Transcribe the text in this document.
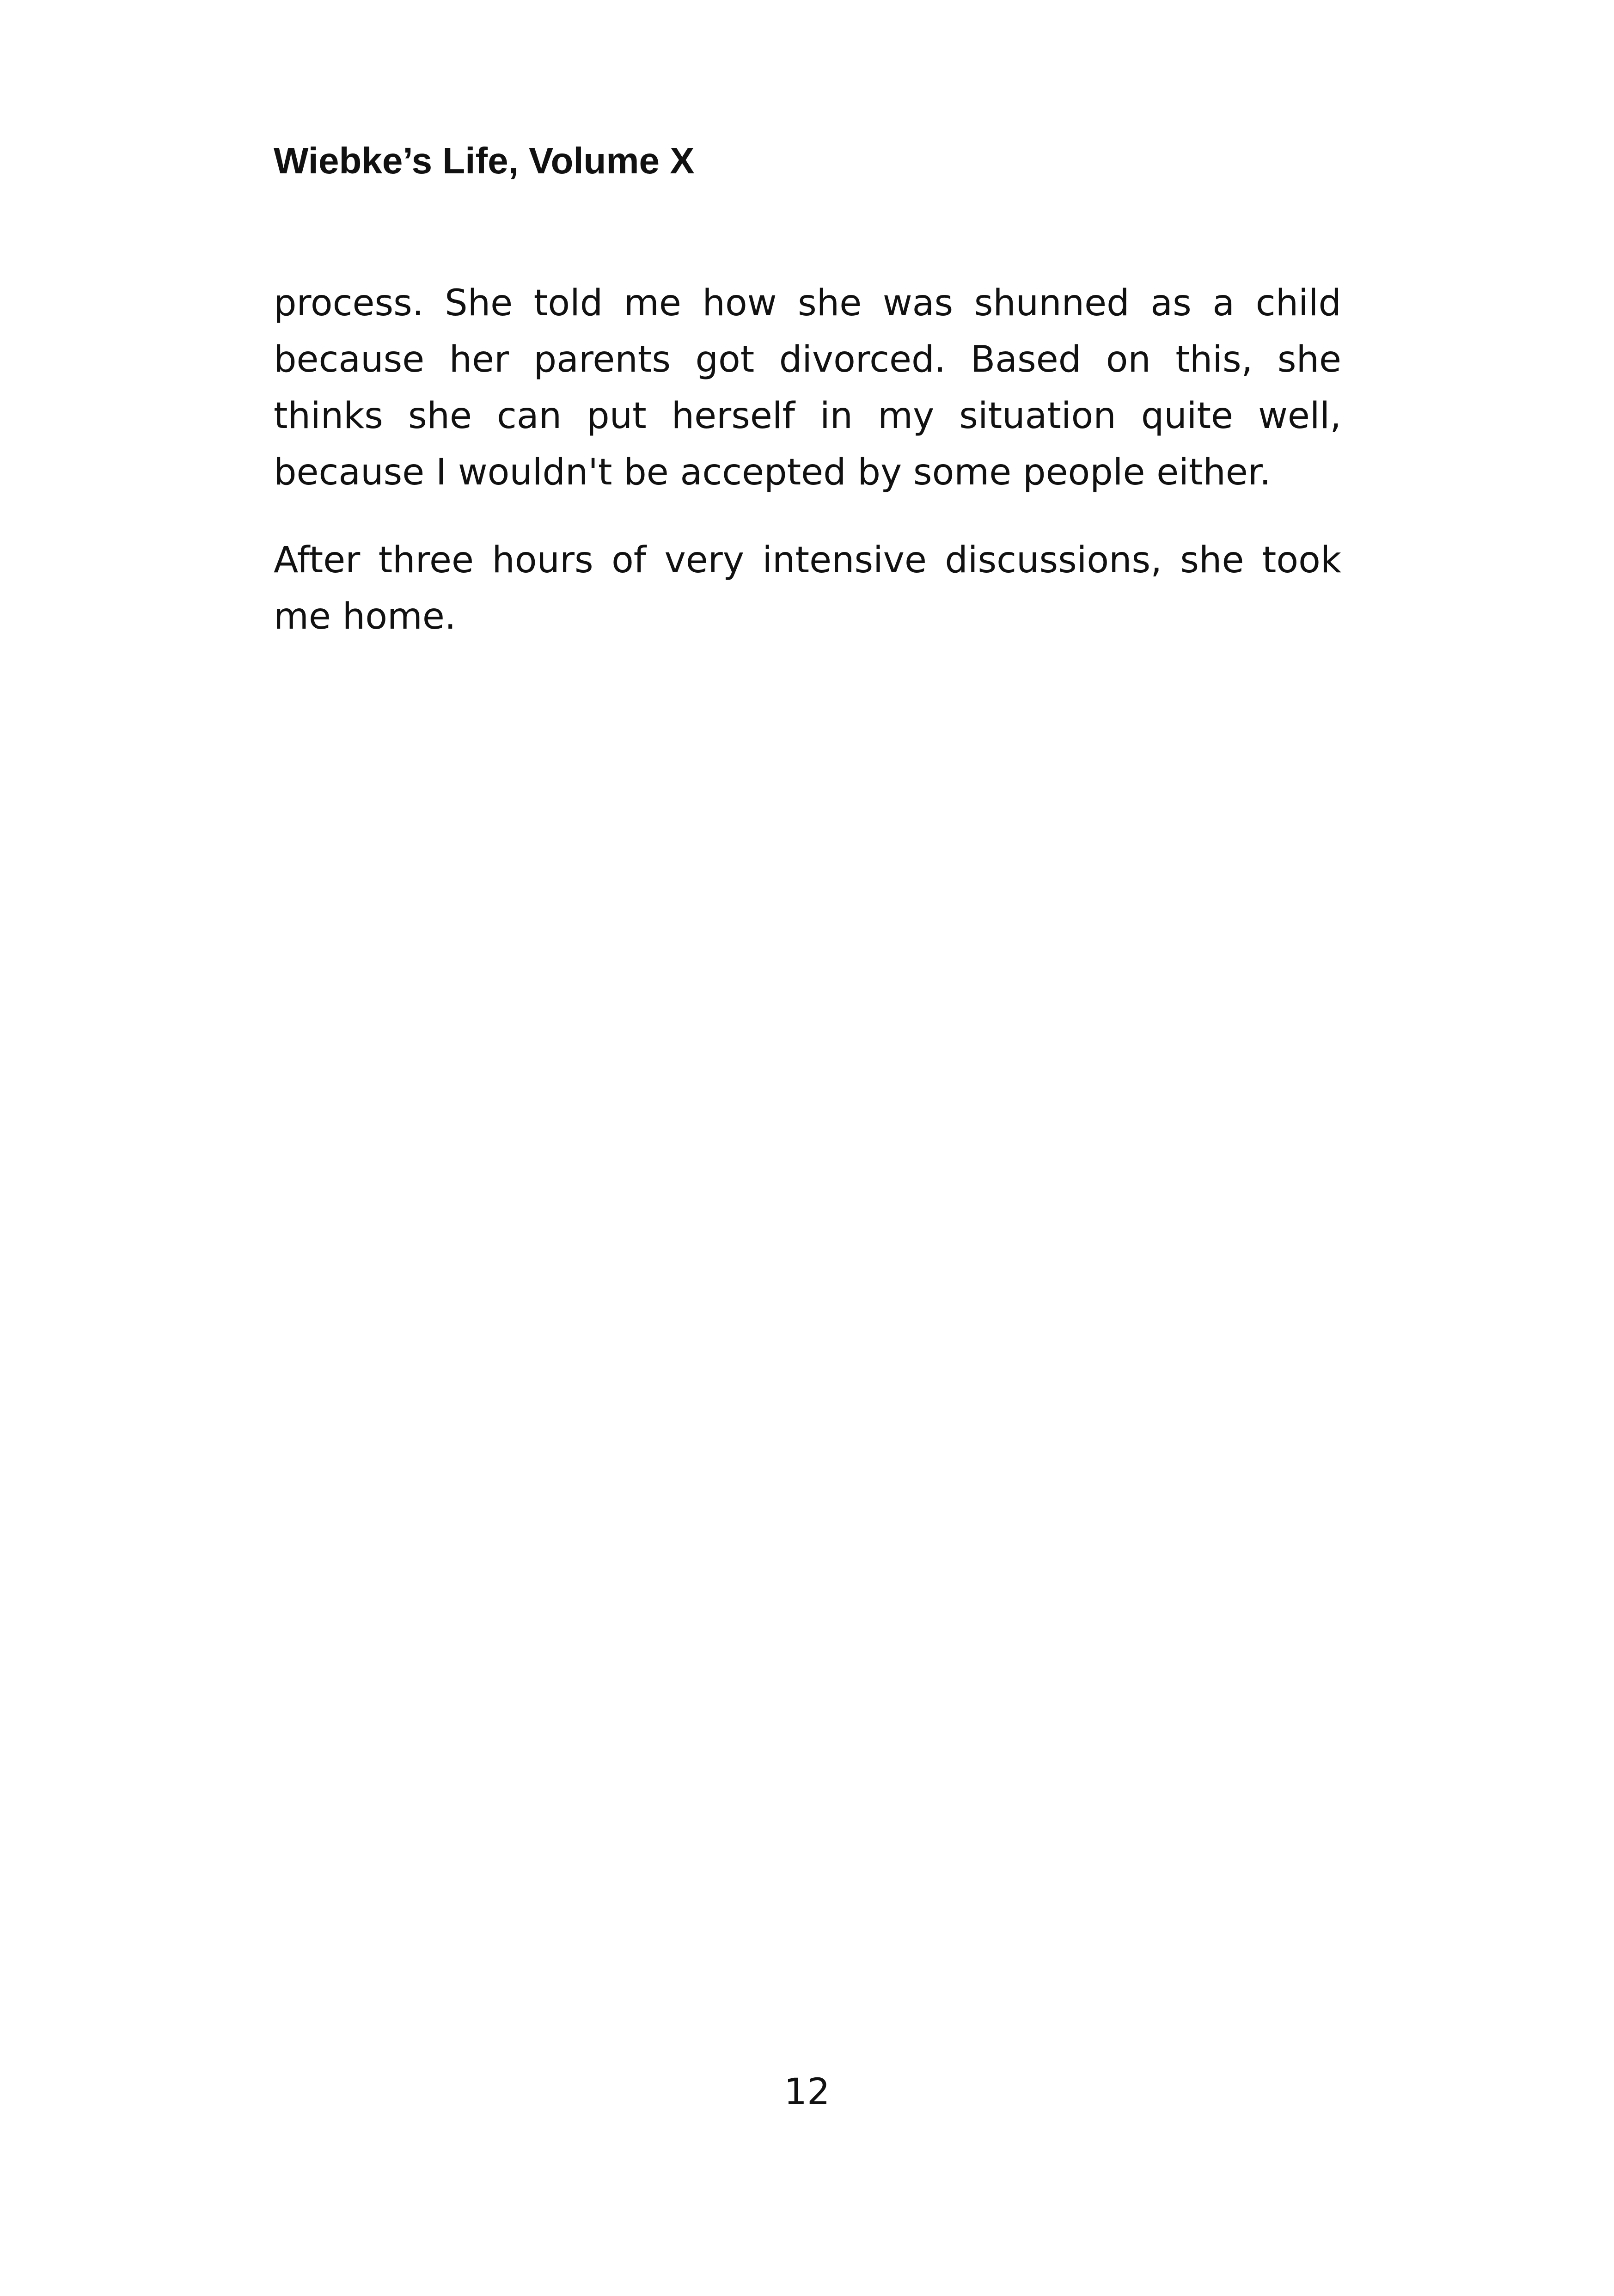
Wiebke’s Life, Volume X

process. She told me how she was shunned as a child because her parents got divorced. Based on this, she thinks she can put herself in my situation quite well, because I wouldn't be accepted by some people either.

After three hours of very intensive discussions, she took me home.

12
